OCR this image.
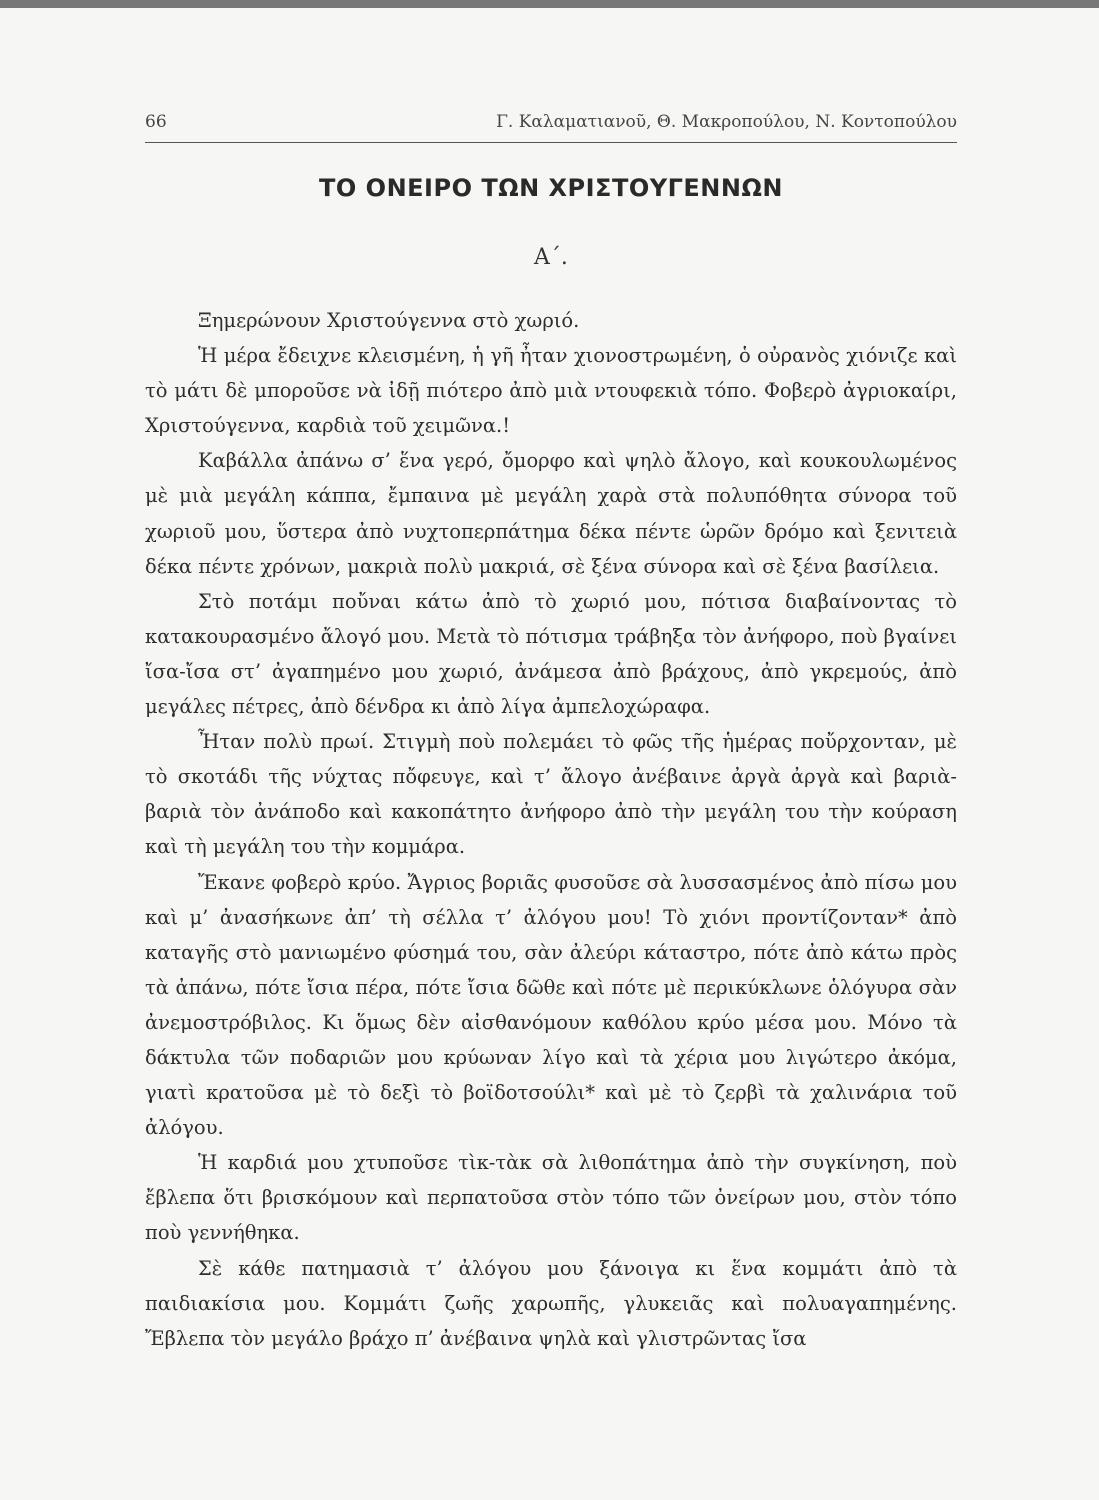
66	Γ. Καλαματιανοῦ, Θ. Μακροπούλου, Ν. Κοντοπούλου
ΤΟ ΟΝΕΙΡΟ ΤΩΝ ΧΡΙΣΤΟΥΓΕΝΝΩΝ
Α΄.

Ξημερώνουν Χριστούγεννα στὸ χωριό.

Ἡ μέρα ἔδειχνε κλεισμένη, ἡ γῆ ἦταν χιονοστρωμένη, ὁ οὐρανὸς χιόνιζε καὶ τὸ μάτι δὲ μποροῦσε νὰ ἰδῇ πιότερο ἀπὸ μιὰ ντουφεκιὰ τόπο. Φοβερὸ ἀγριοκαίρι, Χριστούγεννα, καρδιὰ τοῦ χειμῶνα.!

Καβάλλα ἀπάνω σ’ ἕνα γερό, ὄμορφο καὶ ψηλὸ ἄλογο, καὶ κουκουλωμένος μὲ μιὰ μεγάλη κάππα, ἔμπαινα μὲ μεγάλη χαρὰ στὰ πολυπόθητα σύνορα τοῦ χωριοῦ μου, ὕστερα ἀπὸ νυχτοπερπάτημα δέκα πέντε ὡρῶν δρόμο καὶ ξενιτειὰ δέκα πέντε χρόνων, μακριὰ πολὺ μακριά, σὲ ξένα σύνορα καὶ σὲ ξένα βασίλεια.

Στὸ ποτάμι ποὔναι κάτω ἀπὸ τὸ χωριό μου, πότισα διαβαίνοντας τὸ κατακουρασμένο ἄλογό μου. Μετὰ τὸ πότισμα τράβηξα τὸν ἀνήφορο, ποὺ βγαίνει ἴσα-ἴσα στ’ ἀγαπημένο μου χωριό, ἀνάμεσα ἀπὸ βράχους, ἀπὸ γκρεμούς, ἀπὸ μεγάλες πέτρες, ἀπὸ δένδρα κι ἀπὸ λίγα ἀμπελοχώραφα.

Ἦταν πολὺ πρωί. Στιγμὴ ποὺ πολεμάει τὸ φῶς τῆς ἡμέρας ποὔρχονταν, μὲ τὸ σκοτάδι τῆς νύχτας πὄφευγε, καὶ τ’ ἄλογο ἀνέβαινε ἀργὰ ἀργὰ καὶ βαριὰ-βαριὰ τὸν ἀνάποδο καὶ κακοπάτητο ἀνήφορο ἀπὸ τὴν μεγάλη του τὴν κούραση καὶ τὴ μεγάλη του τὴν κομμάρα.

Ἔκανε φοβερὸ κρύο. Ἄγριος βοριᾶς φυσοῦσε σὰ λυσσασμένος ἀπὸ πίσω μου καὶ μ’ ἀνασήκωνε ἀπ’ τὴ σέλλα τ’ ἀλόγου μου! Τὸ χιόνι προντίζονταν* ἀπὸ καταγῆς στὸ μανιωμένο φύσημά του, σὰν ἀλεύρι κάταστρο, πότε ἀπὸ κάτω πρὸς τὰ ἀπάνω, πότε ἴσια πέρα, πότε ἴσια δῶθε καὶ πότε μὲ περικύκλωνε ὁλόγυρα σὰν ἀνεμοστρόβιλος. Κι ὅμως δὲν αἰσθανόμουν καθόλου κρύο μέσα μου. Μόνο τὰ δάκτυλα τῶν ποδαριῶν μου κρύωναν λίγο καὶ τὰ χέρια μου λιγώτερο ἀκόμα, γιατὶ κρατοῦσα μὲ τὸ δεξὶ τὸ βοϊδοτσούλι* καὶ μὲ τὸ ζερβὶ τὰ χαλινάρια τοῦ ἀλόγου.

Ἡ καρδιά μου χτυποῦσε τὶκ-τὰκ σὰ λιθοπάτημα ἀπὸ τὴν συγκίνηση, ποὺ ἔβλεπα ὅτι βρισκόμουν καὶ περπατοῦσα στὸν τόπο τῶν ὀνείρων μου, στὸν τόπο ποὺ γεννήθηκα.

Σὲ κάθε πατημασιὰ τ’ ἀλόγου μου ξάνοιγα κι ἕνα κομμάτι ἀπὸ τὰ παιδιακίσια μου. Κομμάτι ζωῆς χαρωπῆς, γλυκειᾶς καὶ πολυαγαπημένης. Ἔβλεπα τὸν μεγάλο βράχο π’ ἀνέβαινα ψηλὰ καὶ γλιστρῶντας ἴσα
